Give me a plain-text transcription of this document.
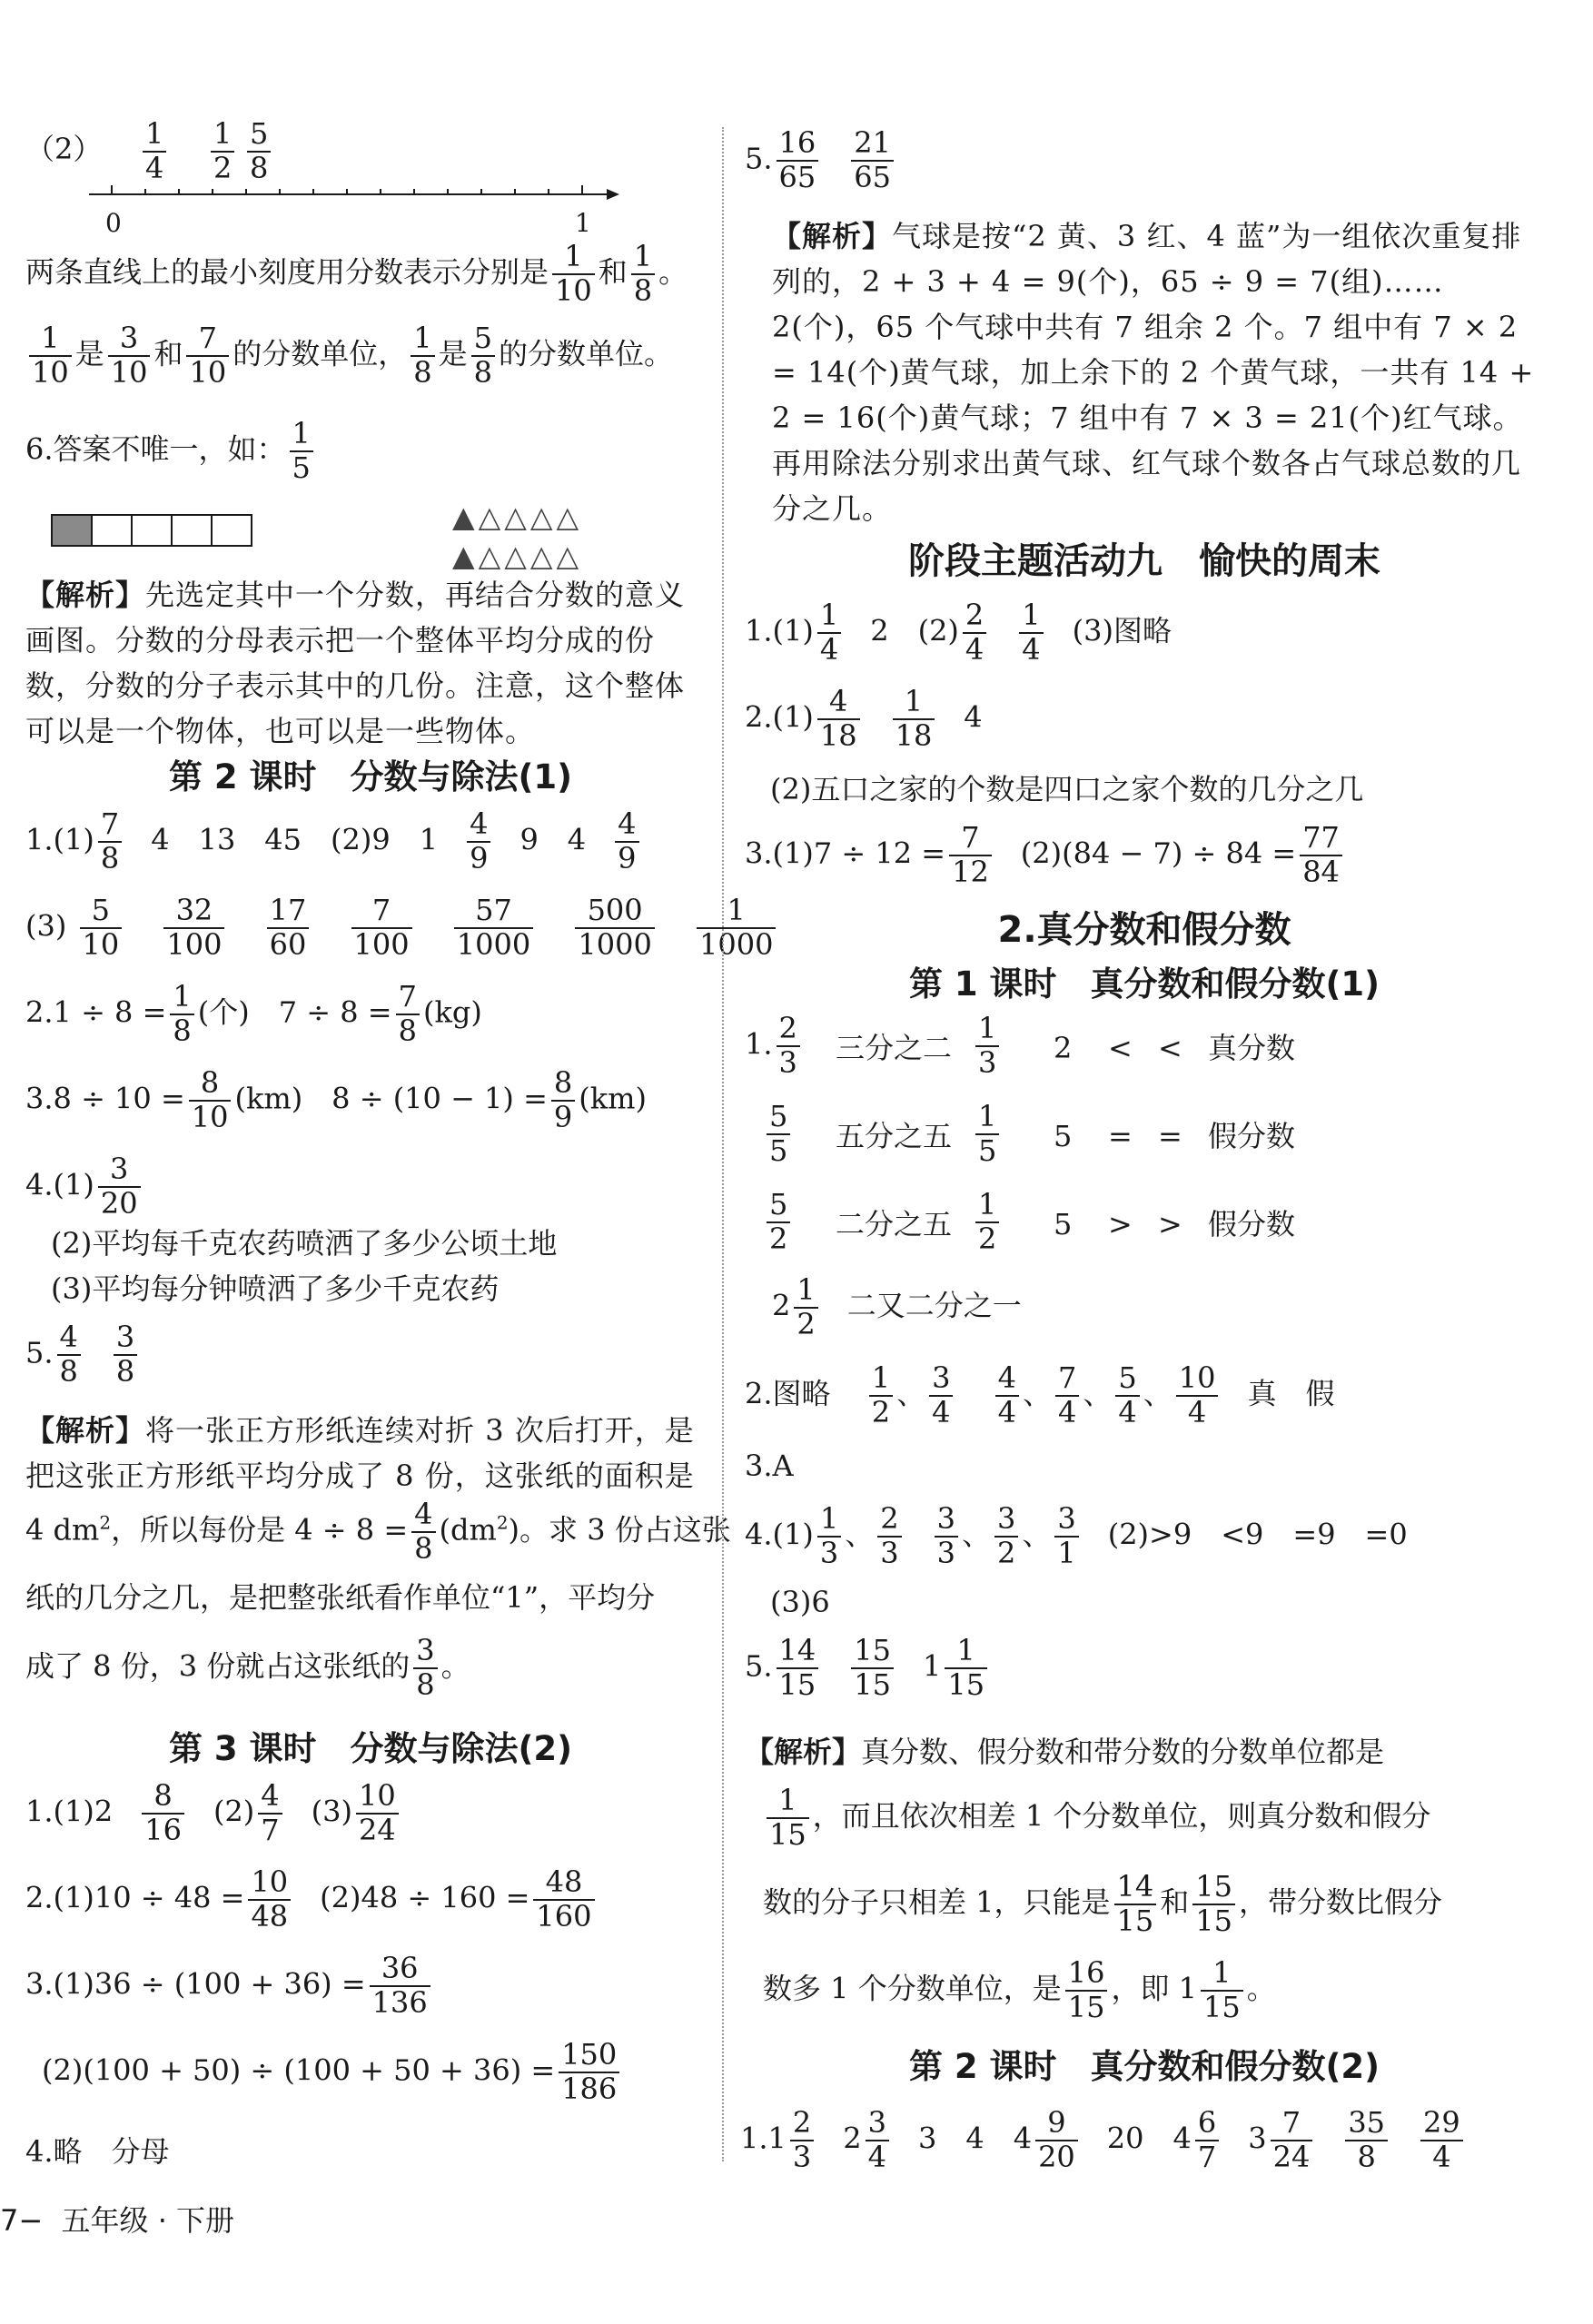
$(2) \frac{1}{4} \frac{1}{2} \frac{5}{8}$
0	1
两条直线上的最小刻度用分数表示分别是 $\frac{1}{10}$ 和 $\frac{1}{8}$ 。
$\frac{1}{10}$ 是 $\frac{3}{10}$ 和 $\frac{7}{10}$ 的分数单位， $\frac{1}{8}$ 是 $\frac{5}{8}$ 的分数单位。
6.答案不唯一，如： $\frac{1}{5}$
▲△△△△
▲△△△△
【解析】先选定其中一个分数，再结合分数的意义画图。分数的分母表示把一个整体平均分成的份数，分数的分子表示其中的几份。注意，这个整体可以是一个物体，也可以是一些物体。
第 2 课时　分数与除法(1)
$1.(1) \frac{7}{8} 4$　13　45　(2)9　$1 \frac{4}{9} 9$　$4 \frac{4}{9}$
$(3) \frac{5}{10}$
$\frac{32}{100}$
$\frac{17}{60}$
$\frac{7}{100}$
$\frac{57}{1000}$
$\frac{500}{1000}$
$\frac{1}{1000}$
$2.1 \div 8 = \frac{1}{8}$ (个)　$7 \div 8 = \frac{7}{8} (kg)$
$3.8 \div 10 = \frac{8}{10} (km)$　$8 \div (10 - 1) = \frac{8}{9} (km)$
$4.(1) \frac{3}{20}$
(2)平均每千克农药喷洒了多少公顷土地
(3)平均每分钟喷洒了多少千克农药
5. $\frac{4}{8} \frac{3}{8}$
【解析】将一张正方形纸连续对折 3 次后打开，是把这张正方形纸平均分成了 8 份，这张纸的面积是
4 $dm^2$，所以每份是 $4 \div 8 = \frac{4}{8} (dm^2)$。求 3 份占这张
纸的几分之几，是把整张纸看作单位“1”，平均分
成了 8 份，3 份就占这张纸的 $\frac{3}{8}$ 。
第 3 课时　分数与除法(2)
$1.(1)2 \frac{8}{16} (2) \frac{4}{7} (3) \frac{10}{24}$
$2.(1)10 \div 48 = \frac{10}{48} (2)48 \div 160 = \frac{48}{160}$
$3.(1)36 \div (100 + 36) = \frac{36}{136}$
$(2)(100 + 50) \div (100 + 50 + 36) = \frac{150}{186}$
4.略　分母
7− 五年级 · 下册
5. $\frac{16}{65} \frac{21}{65}$
【解析】气球是按“2 黄、3 红、4 蓝”为一组依次重复排列的，2 + 3 + 4 = 9(个)，65 ÷ 9 = 7(组)……2(个)，65 个气球中共有 7 组余 2 个。7 组中有 7 × 2 = 14(个)黄气球，加上余下的 2 个黄气球，一共有 14 + 2 = 16(个)黄气球；7 组中有 7 × 3 = 21(个)红气球。再用除法分别求出黄气球、红气球个数各占气球总数的几分之几。
阶段主题活动九　愉快的周末
$1.(1) \frac{1}{4} 2$　$(2) \frac{2}{4} \frac{1}{4} (3)$图略
$2.(1) \frac{4}{18} \frac{1}{18} 4$
(2)五口之家的个数是四口之家个数的几分之几
$3.(1)7 \div 12 = \frac{7}{12} (2)(84 - 7) \div 84 = \frac{77}{84}$
2.真分数和假分数
第 1 课时　真分数和假分数(1)
1. $\frac{2}{3}$ 三分之二
1
3 2 < < 真分数
$\frac{5}{5}$ 五分之五
1
5 5 = = 假分数
$\frac{5}{2}$ 二分之五
1
2 5 > > 假分数
$2 \frac{1}{2}$ 二又二分之一
2.图略 $\frac{1}{2}$ 、 $\frac{3}{4}$
$\frac{4}{4}$ 、 $\frac{7}{4}$ 、 $\frac{5}{4}$ 、 $\frac{10}{4}$ 真　假
3.A
$4.(1) \frac{1}{3}$ 、 $\frac{2}{3} \frac{3}{3}$ 、 $\frac{3}{2}$ 、 $\frac{3}{1} (2)>9$　<9　=9　=0
(3)6
5. $\frac{14}{15} \frac{15}{15} 1 \frac{1}{15}$
【解析】真分数、假分数和带分数的分数单位都是
$\frac{1}{15}$ ，而且依次相差 1 个分数单位，则真分数和假分
数的分子只相差 1，只能是 $\frac{14}{15}$ 和 $\frac{15}{15}$ ，带分数比假分
数多 1 个分数单位，是 $\frac{16}{15}$ ，即 $1 \frac{1}{15}$ 。
第 2 课时　真分数和假分数(2)
$1.1 \frac{2}{3} 2 \frac{3}{4} 3$　4　$4 \frac{9}{20} 20$　$4 \frac{6}{7} 3 \frac{7}{24} \frac{35}{8} \frac{29}{4}$
